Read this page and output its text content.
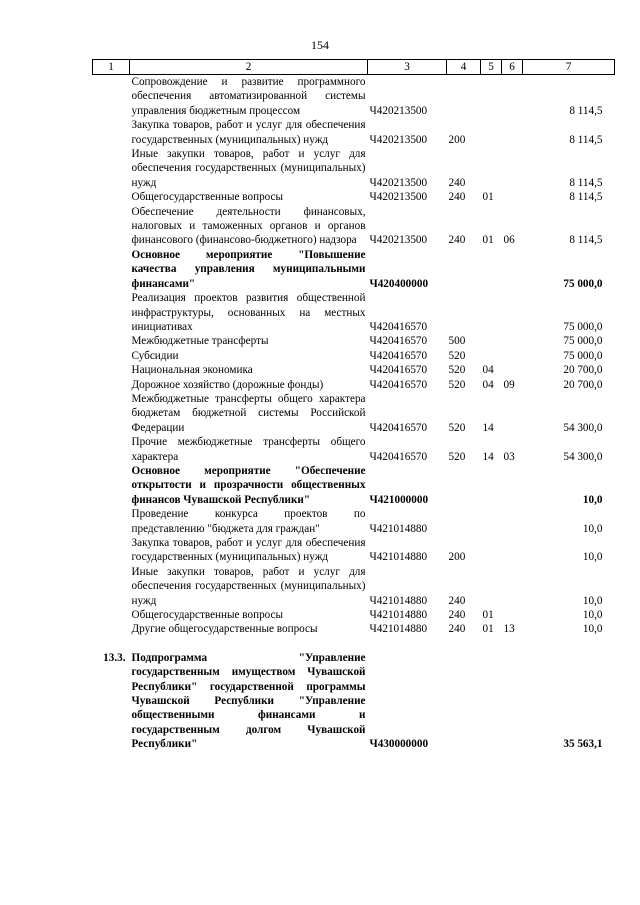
154
1	2	3	4	5	6	7
	Сопровождение и развитие программного обеспечения автоматизированной системы управления бюджетным процессом	Ч420213500				8 114,5
	Закупка товаров, работ и услуг для обеспечения государственных (муниципальных) нужд	Ч420213500	200			8 114,5
	Иные закупки товаров, работ и услуг для обеспечения государственных (муниципальных) нужд	Ч420213500	240			8 114,5
	Общегосударственные вопросы	Ч420213500	240	01		8 114,5
	Обеспечение деятельности финансовых, налоговых и таможенных органов и органов финансового (финансово-бюджетного) надзора	Ч420213500	240	01	06	8 114,5
	Основное мероприятие "Повышение качества управления муниципальными финансами"	Ч420400000				75 000,0
	Реализация проектов развития общественной инфраструктуры, основанных на местных инициативах	Ч420416570				75 000,0
	Межбюджетные трансферты	Ч420416570	500			75 000,0
	Субсидии	Ч420416570	520			75 000,0
	Национальная экономика	Ч420416570	520	04		20 700,0
	Дорожное хозяйство (дорожные фонды)	Ч420416570	520	04	09	20 700,0
	Межбюджетные трансферты общего характера бюджетам бюджетной системы Российской Федерации	Ч420416570	520	14		54 300,0
	Прочие межбюджетные трансферты общего характера	Ч420416570	520	14	03	54 300,0
	Основное мероприятие "Обеспечение открытости и прозрачности общественных финансов Чувашской Республики"	Ч421000000				10,0
	Проведение конкурса проектов по представлению "бюджета для граждан"	Ч421014880				10,0
	Закупка товаров, работ и услуг для обеспечения государственных (муниципальных) нужд	Ч421014880	200			10,0
	Иные закупки товаров, работ и услуг для обеспечения государственных (муниципальных) нужд	Ч421014880	240			10,0
	Общегосударственные вопросы	Ч421014880	240	01		10,0
	Другие общегосударственные вопросы	Ч421014880	240	01	13	10,0

13.3.	Подпрограмма "Управление государственным имуществом Чувашской Республики" государственной программы Чувашской Республики "Управление общественными финансами и государственным долгом Чувашской Республики"	Ч430000000				35 563,1
